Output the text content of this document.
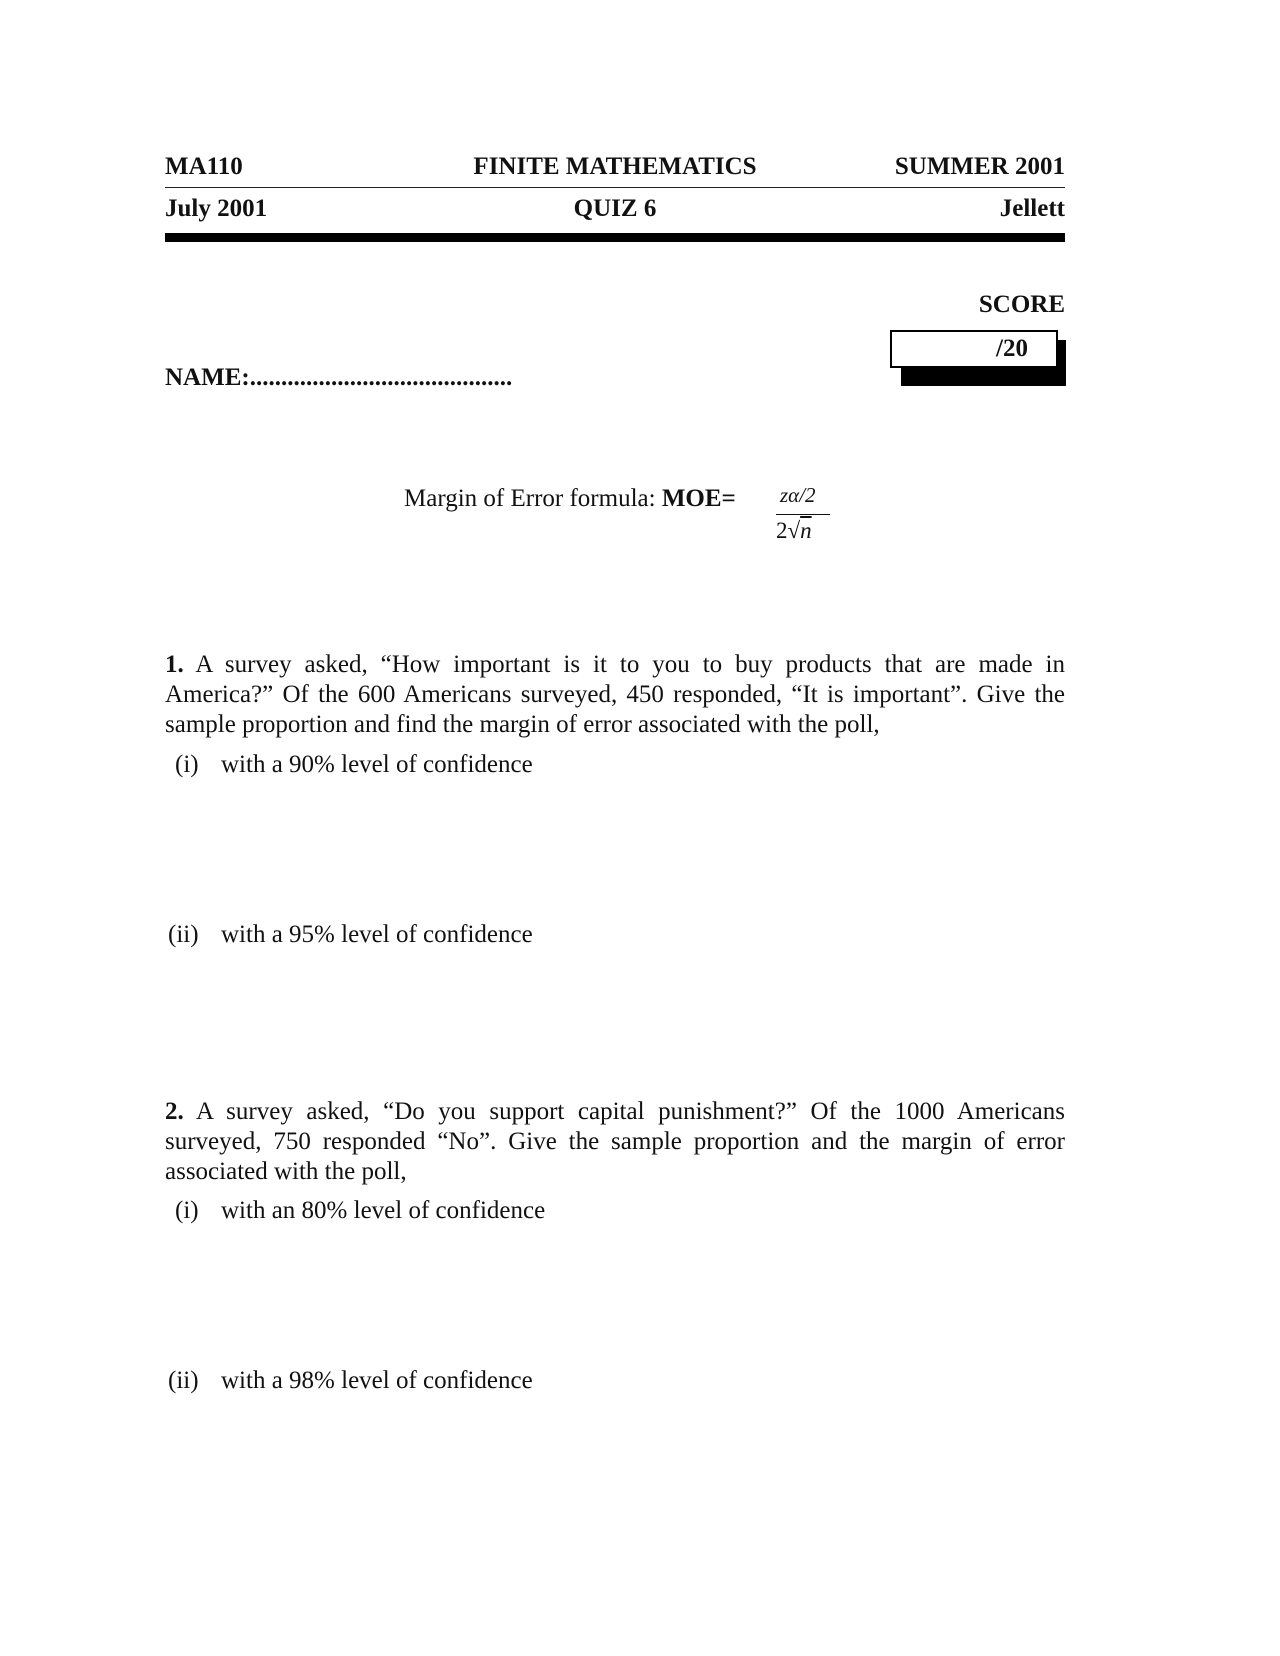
MA110	FINITE MATHEMATICS	SUMMER 2001
July 2001	QUIZ 6	Jellett
SCORE
/20
NAME:..........................................
Margin of Error formula: MOE= zα/2
2√n
1. A survey asked, “How important is it to you to buy products that are made in America?” Of the 600 Americans surveyed, 450 responded, “It is important”. Give the sample proportion and find the margin of error associated with the poll,
(i) with a 90% level of confidence
(ii) with a 95% level of confidence
2. A survey asked, “Do you support capital punishment?” Of the 1000 Americans surveyed, 750 responded “No”. Give the sample proportion and the margin of error associated with the poll,
(i) with an 80% level of confidence
(ii) with a 98% level of confidence
